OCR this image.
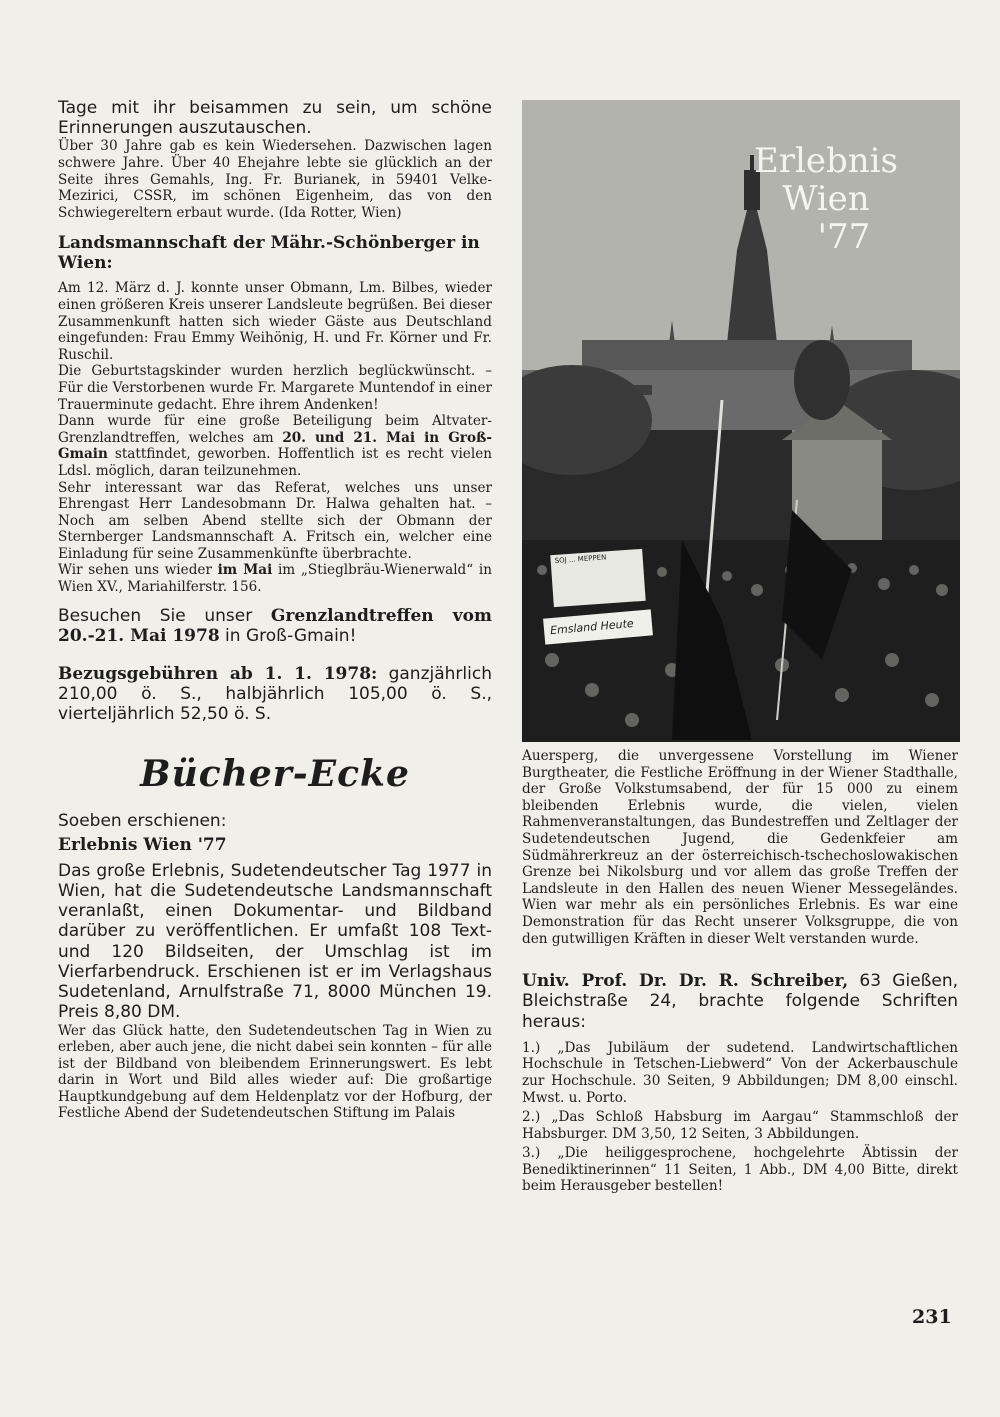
Tage mit ihr beisammen zu sein, um schöne Erinnerungen auszutauschen.

Über 30 Jahre gab es kein Wiedersehen. Dazwischen lagen schwere Jahre. Über 40 Ehejahre lebte sie glücklich an der Seite ihres Gemahls, Ing. Fr. Burianek, in 59401 Velke-Mezirici, CSSR, im schönen Eigenheim, das von den Schwiegereltern erbaut wurde. (Ida Rotter, Wien)

Landsmannschaft der Mähr.-Schönberger in Wien:

Am 12. März d. J. konnte unser Obmann, Lm. Bilbes, wieder einen größeren Kreis unserer Landsleute begrüßen. Bei dieser Zusammenkunft hatten sich wieder Gäste aus Deutschland eingefunden: Frau Emmy Weihönig, H. und Fr. Körner und Fr. Ruschil.

Die Geburtstagskinder wurden herzlich beglückwünscht. – Für die Verstorbenen wurde Fr. Margarete Muntendof in einer Trauerminute gedacht. Ehre ihrem Andenken!

Dann wurde für eine große Beteiligung beim Altvater-Grenzlandtreffen, welches am 20. und 21. Mai in Groß-Gmain stattfindet, geworben. Hoffentlich ist es recht vielen Ldsl. möglich, daran teilzunehmen.

Sehr interessant war das Referat, welches uns unser Ehrengast Herr Landesobmann Dr. Halwa gehalten hat. – Noch am selben Abend stellte sich der Obmann der Sternberger Landsmannschaft A. Fritsch ein, welcher eine Einladung für seine Zusammenkünfte überbrachte.

Wir sehen uns wieder im Mai im „Stieglbräu-Wienerwald“ in Wien XV., Mariahilferstr. 156.

Besuchen Sie unser Grenzlandtreffen vom 20.-21. Mai 1978 in Groß-Gmain!

Bezugsgebühren ab 1. 1. 1978: ganzjährlich 210,00 ö. S., halbjährlich 105,00 ö. S., vierteljährlich 52,50 ö. S.

Bücher-Ecke

Soeben erschienen:

Erlebnis Wien '77

Das große Erlebnis, Sudetendeutscher Tag 1977 in Wien, hat die Sudetendeutsche Landsmannschaft veranlaßt, einen Dokumentar- und Bildband darüber zu veröffentlichen. Er umfaßt 108 Text- und 120 Bildseiten, der Umschlag ist im Vierfarbendruck. Erschienen ist er im Verlagshaus Sudetenland, Arnulfstraße 71, 8000 München 19. Preis 8,80 DM.

Wer das Glück hatte, den Sudetendeutschen Tag in Wien zu erleben, aber auch jene, die nicht dabei sein konnten – für alle ist der Bildband von bleibendem Erinnerungswert. Es lebt darin in Wort und Bild alles wieder auf: Die großartige Hauptkundgebung auf dem Heldenplatz vor der Hofburg, der Festliche Abend der Sudetendeutschen Stiftung im Palais

Erlebnis
Wien
'77
SOJ ... MEPPEN
Emsland Heute

Auersperg, die unvergessene Vorstellung im Wiener Burgtheater, die Festliche Eröffnung in der Wiener Stadthalle, der Große Volkstumsabend, der für 15 000 zu einem bleibenden Erlebnis wurde, die vielen, vielen Rahmenveranstaltungen, das Bundestreffen und Zeltlager der Sudetendeutschen Jugend, die Gedenkfeier am Südmährerkreuz an der österreichisch-tschechoslowakischen Grenze bei Nikolsburg und vor allem das große Treffen der Landsleute in den Hallen des neuen Wiener Messegeländes. Wien war mehr als ein persönliches Erlebnis. Es war eine Demonstration für das Recht unserer Volksgruppe, die von den gutwilligen Kräften in dieser Welt verstanden wurde.

Univ. Prof. Dr. Dr. R. Schreiber, 63 Gießen, Bleichstraße 24, brachte folgende Schriften heraus:

1.) „Das Jubiläum der sudetend. Landwirtschaftlichen Hochschule in Tetschen-Liebwerd“ Von der Ackerbauschule zur Hochschule. 30 Seiten, 9 Abbildungen; DM 8,00 einschl. Mwst. u. Porto.

2.) „Das Schloß Habsburg im Aargau“ Stammschloß der Habsburger. DM 3,50, 12 Seiten, 3 Abbildungen.

3.) „Die heiliggesprochene, hochgelehrte Äbtissin der Benediktinerinnen“ 11 Seiten, 1 Abb., DM 4,00 Bitte, direkt beim Herausgeber bestellen!

231
